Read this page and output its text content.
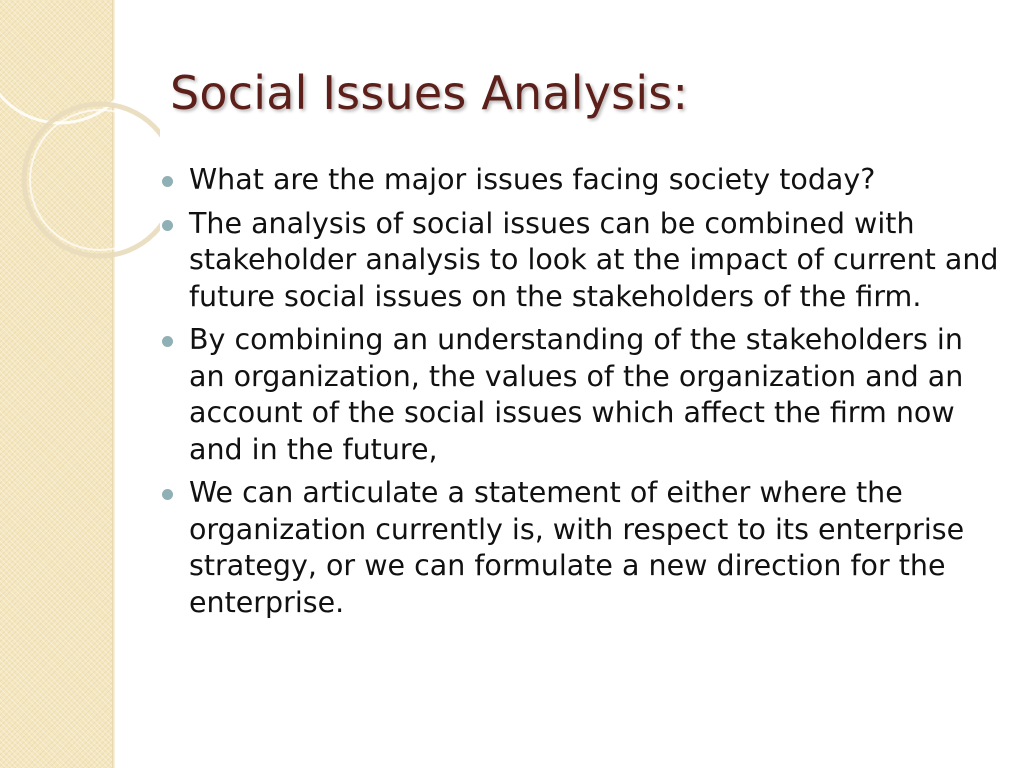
Social Issues Analysis:
What are the major issues facing society today?
The analysis of social issues can be combined with stakeholder analysis to look at the impact of current and future social issues on the stakeholders of the firm.
By combining an understanding of the stakeholders in an organization, the values of the organization and an account of the social issues which affect the firm now and in the future,
We can articulate a statement of either where the organization currently is, with respect to its enterprise strategy, or we can formulate a new direction for the enterprise.
